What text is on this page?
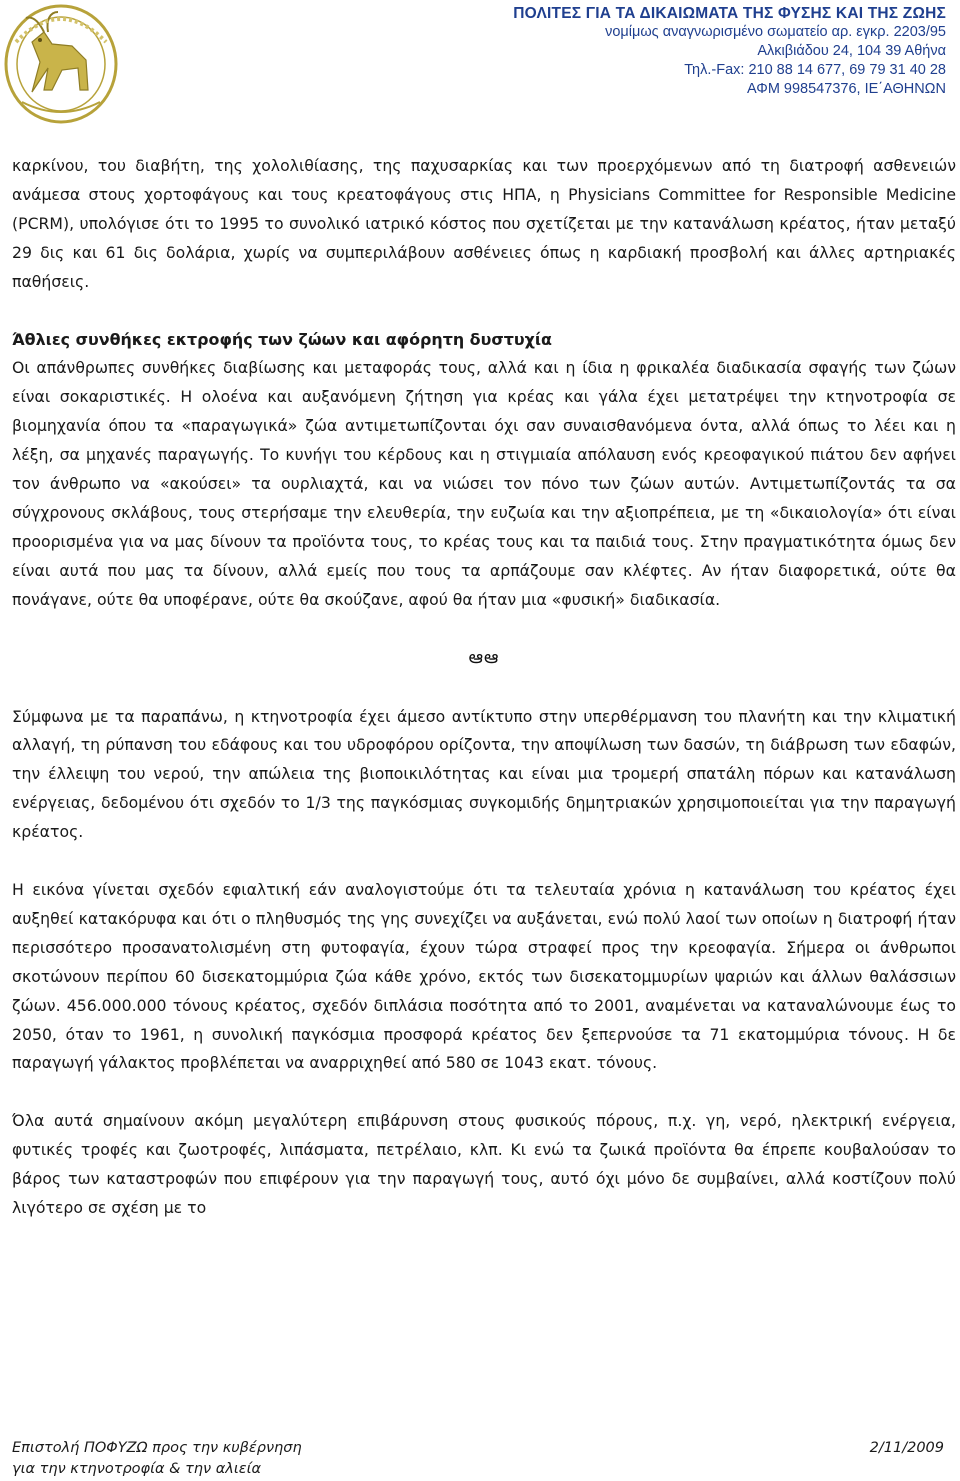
ΠΟΛΙΤΕΣ ΓΙΑ ΤΑ ΔΙΚΑΙΩΜΑΤΑ ΤΗΣ ΦΥΣΗΣ ΚΑΙ ΤΗΣ ΖΩΗΣ
νομίμως αναγνωρισμένο σωματείο αρ. εγκρ. 2203/95
Αλκιβιάδου 24, 104 39 Αθήνα
Τηλ.-Fax: 210 88 14 677, 69 79 31 40 28
ΑΦΜ 998547376, ΙΕ΄ΑΘΗΝΩΝ

καρκίνου, του διαβήτη, της χολολιθίασης, της παχυσαρκίας και των προερχόμενων από τη διατροφή ασθενειών ανάμεσα στους χορτοφάγους και τους κρεατοφάγους στις ΗΠΑ, η Physicians Committee for Responsible Medicine (PCRM), υπολόγισε ότι το 1995 το συνολικό ιατρικό κόστος που σχετίζεται με την κατανάλωση κρέατος, ήταν μεταξύ 29 δις και 61 δις δολάρια, χωρίς να συμπεριλάβουν ασθένειες όπως η καρδιακή προσβολή και άλλες αρτηριακές παθήσεις.

Άθλιες συνθήκες εκτροφής των ζώων και αφόρητη δυστυχία

Οι απάνθρωπες συνθήκες διαβίωσης και μεταφοράς τους, αλλά και η ίδια η φρικαλέα διαδικασία σφαγής των ζώων είναι σοκαριστικές. Η ολοένα και αυξανόμενη ζήτηση για κρέας και γάλα έχει μετατρέψει την κτηνοτροφία σε βιομηχανία όπου τα «παραγωγικά» ζώα αντιμετωπίζονται όχι σαν συναισθανόμενα όντα, αλλά όπως το λέει και η λέξη, σα μηχανές παραγωγής. Το κυνήγι του κέρδους και η στιγμιαία απόλαυση ενός κρεοφαγικού πιάτου δεν αφήνει τον άνθρωπο να «ακούσει» τα ουρλιαχτά, και να νιώσει τον πόνο των ζώων αυτών. Αντιμετωπίζοντάς τα σα σύγχρονους σκλάβους, τους στερήσαμε την ελευθερία, την ευζωία και την αξιοπρέπεια, με τη «δικαιολογία» ότι είναι προορισμένα για να μας δίνουν τα προϊόντα τους, το κρέας τους και τα παιδιά τους. Στην πραγματικότητα όμως δεν είναι αυτά που μας τα δίνουν, αλλά εμείς που τους τα αρπάζουμε σαν κλέφτες. Αν ήταν διαφορετικά, ούτε θα πονάγανε, ούτε θα υποφέρανε, ούτε θα σκούζανε, αφού θα ήταν μια «φυσική» διαδικασία.

ఆఆ

Σύμφωνα με τα παραπάνω, η κτηνοτροφία έχει άμεσο αντίκτυπο στην υπερθέρμανση του πλανήτη και την κλιματική αλλαγή, τη ρύπανση του εδάφους και του υδροφόρου ορίζοντα, την αποψίλωση των δασών, τη διάβρωση των εδαφών, την έλλειψη του νερού, την απώλεια της βιοποικιλότητας και είναι μια τρομερή σπατάλη πόρων και κατανάλωση ενέργειας, δεδομένου ότι σχεδόν το 1/3 της παγκόσμιας συγκομιδής δημητριακών χρησιμοποιείται για την παραγωγή κρέατος.

Η εικόνα γίνεται σχεδόν εφιαλτική εάν αναλογιστούμε ότι τα τελευταία χρόνια η κατανάλωση του κρέατος έχει αυξηθεί κατακόρυφα και ότι ο πληθυσμός της γης συνεχίζει να αυξάνεται, ενώ πολύ λαοί των οποίων η διατροφή ήταν περισσότερο προσανατολισμένη στη φυτοφαγία, έχουν τώρα στραφεί προς την κρεοφαγία. Σήμερα οι άνθρωποι σκοτώνουν περίπου 60 δισεκατομμύρια ζώα κάθε χρόνο, εκτός των δισεκατομμυρίων ψαριών και άλλων θαλάσσιων ζώων. 456.000.000 τόνους κρέατος, σχεδόν διπλάσια ποσότητα από το 2001, αναμένεται να καταναλώνουμε έως το 2050, όταν το 1961, η συνολική παγκόσμια προσφορά κρέατος δεν ξεπερνούσε τα 71 εκατομμύρια τόνους. Η δε παραγωγή γάλακτος προβλέπεται να αναρριχηθεί από 580 σε 1043 εκατ. τόνους.

Όλα αυτά σημαίνουν ακόμη μεγαλύτερη επιβάρυνση στους φυσικούς πόρους, π.χ. γη, νερό, ηλεκτρική ενέργεια, φυτικές τροφές και ζωοτροφές, λιπάσματα, πετρέλαιο, κλπ. Κι ενώ τα ζωικά προϊόντα θα έπρεπε κουβαλούσαν το βάρος των καταστροφών που επιφέρουν για την παραγωγή τους, αυτό όχι μόνο δε συμβαίνει, αλλά κοστίζουν πολύ λιγότερο σε σχέση με το

Επιστολή ΠΟΦΥΖΩ προς την κυβέρνηση
για την κτηνοτροφία & την αλιεία
2/11/2009
